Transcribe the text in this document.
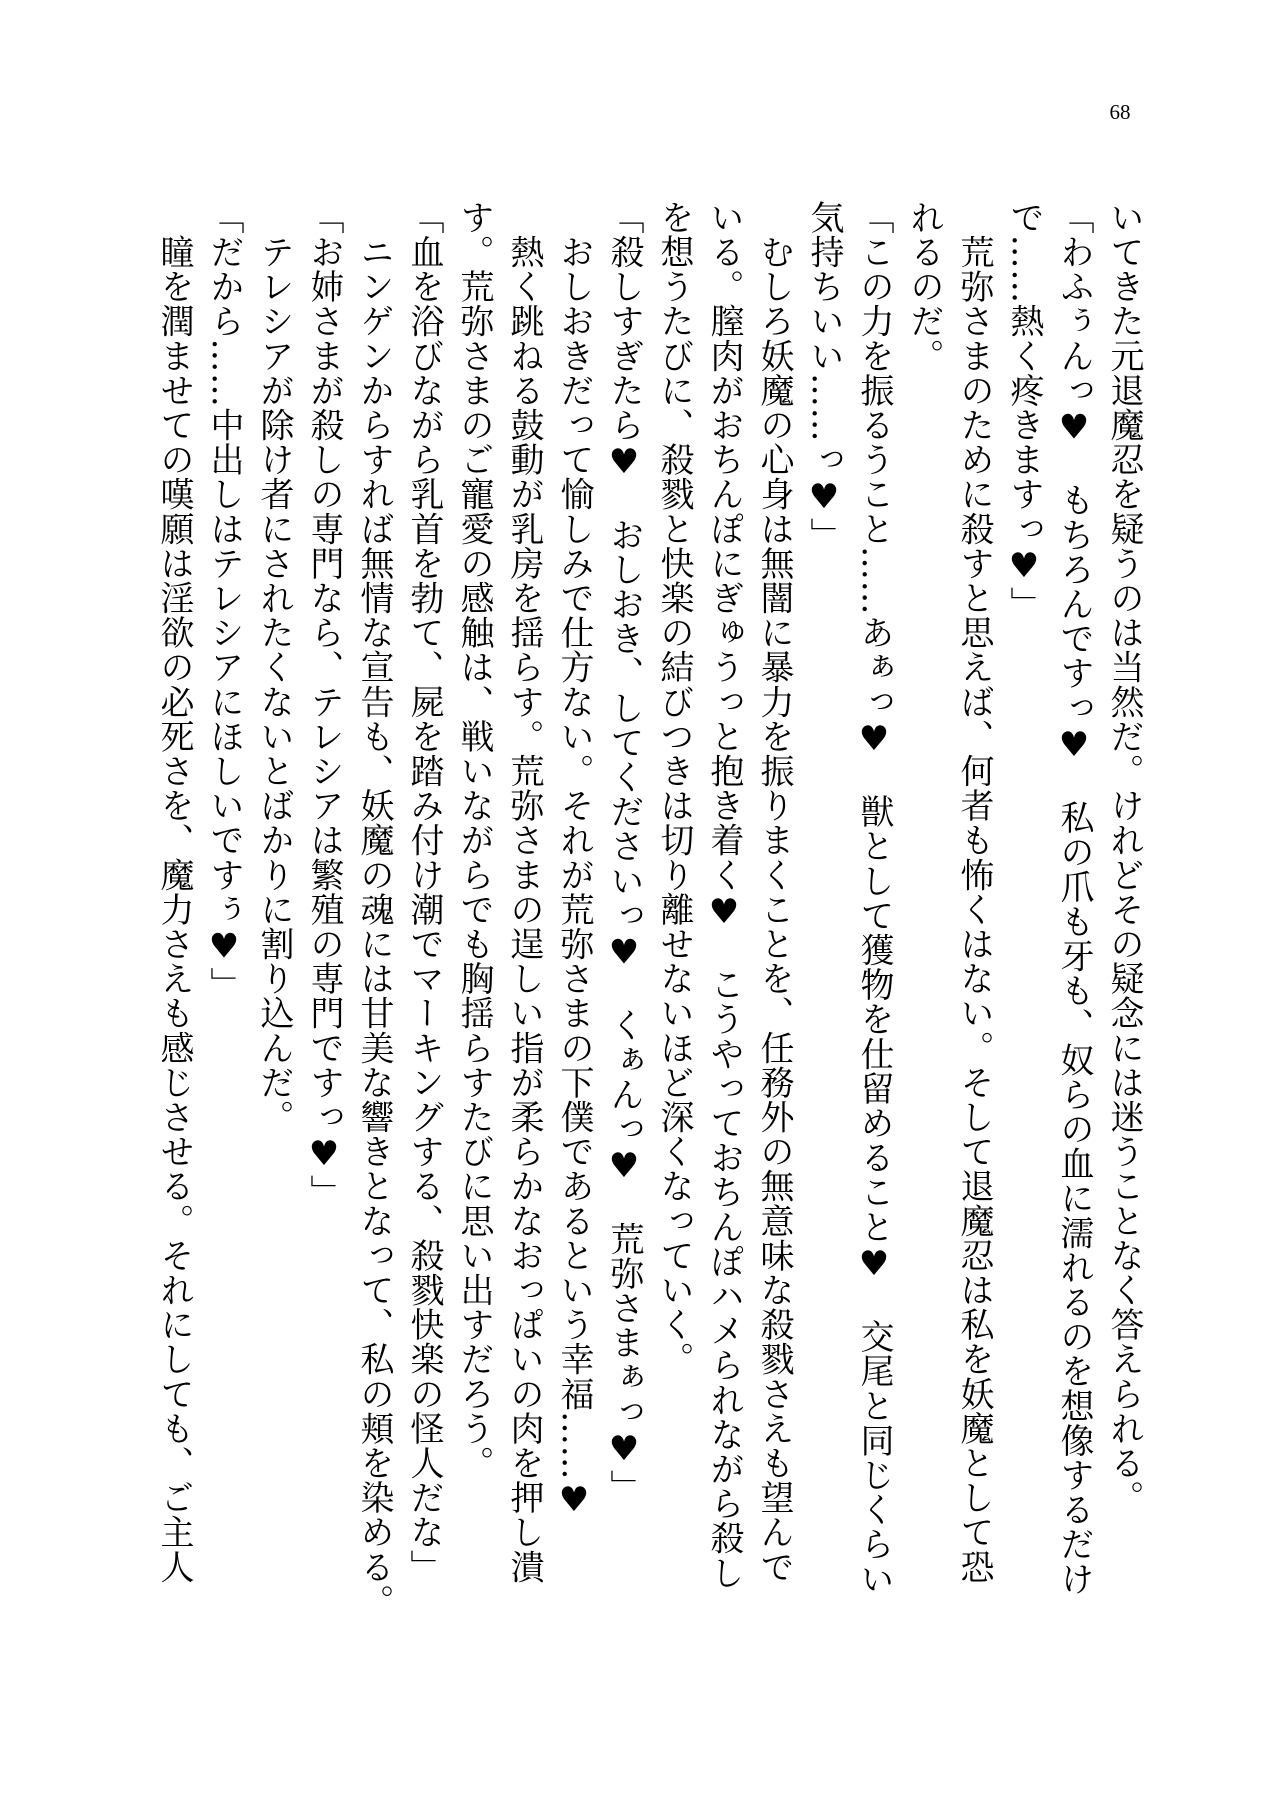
68
いてきた元退魔忍を疑うのは当然だ。けれどその疑念には迷うことなく答えられる。
「わふぅんっ♥　もちろんですっ♥　私の爪も牙も、奴らの血に濡れるのを想像するだけ
で……熱く疼きますっ♥」
　荒弥さまのために殺すと思えば、何者も怖くはない。そして退魔忍は私を妖魔として恐
れるのだ。
「この力を振るうこと……あぁっ♥　獣として獲物を仕留めること♥　交尾と同じくらい
気持ちいい……っ♥」
　むしろ妖魔の心身は無闇に暴力を振りまくことを、任務外の無意味な殺戮さえも望んで
いる。膣肉がおちんぽにぎゅうっと抱き着く♥　こうやっておちんぽハメられながら殺し
を想うたびに、殺戮と快楽の結びつきは切り離せないほど深くなっていく。
「殺しすぎたら♥　おしおき、してくださいっ♥　くぁんっ♥　荒弥さまぁっ♥」
　おしおきだって愉しみで仕方ない。それが荒弥さまの下僕であるという幸福……♥
　熱く跳ねる鼓動が乳房を揺らす。荒弥さまの逞しい指が柔らかなおっぱいの肉を押し潰
す。荒弥さまのご寵愛の感触は、戦いながらでも胸揺らすたびに思い出すだろう。
「血を浴びながら乳首を勃て、屍を踏み付け潮でマーキングする、殺戮快楽の怪人だな」
　ニンゲンからすれば無情な宣告も、妖魔の魂には甘美な響きとなって、私の頬を染める。
「お姉さまが殺しの専門なら、テレシアは繁殖の専門ですっ♥」
　テレシアが除け者にされたくないとばかりに割り込んだ。
「だから……中出しはテレシアにほしいですぅ♥」
　瞳を潤ませての嘆願は淫欲の必死さを、魔力さえも感じさせる。それにしても、ご主人
